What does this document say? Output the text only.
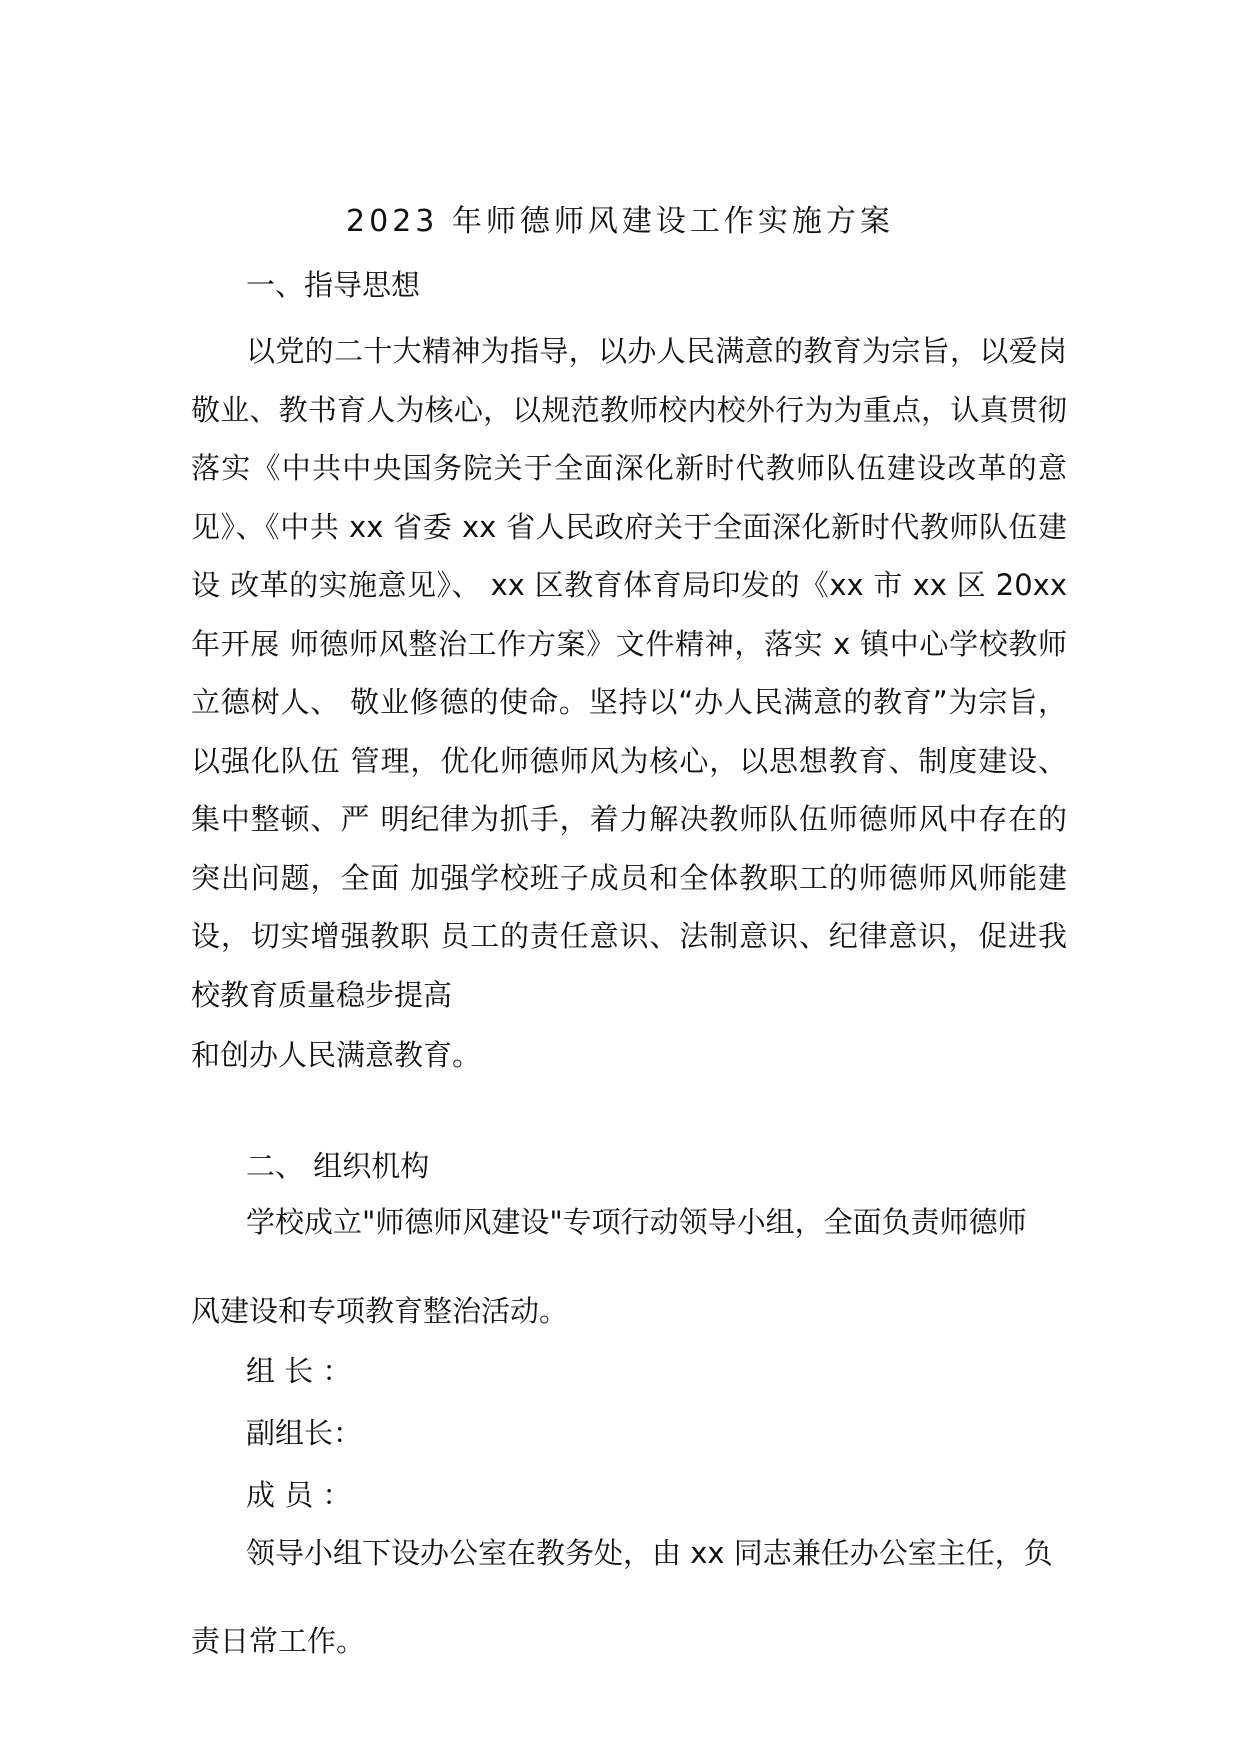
2023 年师德师风建设工作实施方案
一、指导思想
以党的二十大精神为指导，以办人民满意的教育为宗旨，以爱岗敬业、教书育人为核心，以规范教师校内校外行为为重点，认真贯彻落实《中共中央国务院关于全面深化新时代教师队伍建设改革的意见》、《中共 xx 省委 xx 省人民政府关于全面深化新时代教师队伍建设 改革的实施意见》、 xx 区教育体育局印发的《xx 市 xx 区 20xx 年开展 师德师风整治工作方案》文件精神，落实 x 镇中心学校教师立德树人、 敬业修德的使命。坚持以“办人民满意的教育”为宗旨，以强化队伍 管理，优化师德师风为核心，以思想教育、制度建设、集中整顿、严 明纪律为抓手，着力解决教师队伍师德师风中存在的突出问题，全面 加强学校班子成员和全体教职工的师德师风师能建设，切实增强教职 员工的责任意识、法制意识、纪律意识，促进我校教育质量稳步提高
和创办人民满意教育。
二、 组织机构
学校成立"师德师风建设"专项行动领导小组，全面负责师德师
风建设和专项教育整治活动。
组 长 ：
副组长：
成 员 ：
领导小组下设办公室在教务处，由 xx 同志兼任办公室主任，负
责日常工作。
